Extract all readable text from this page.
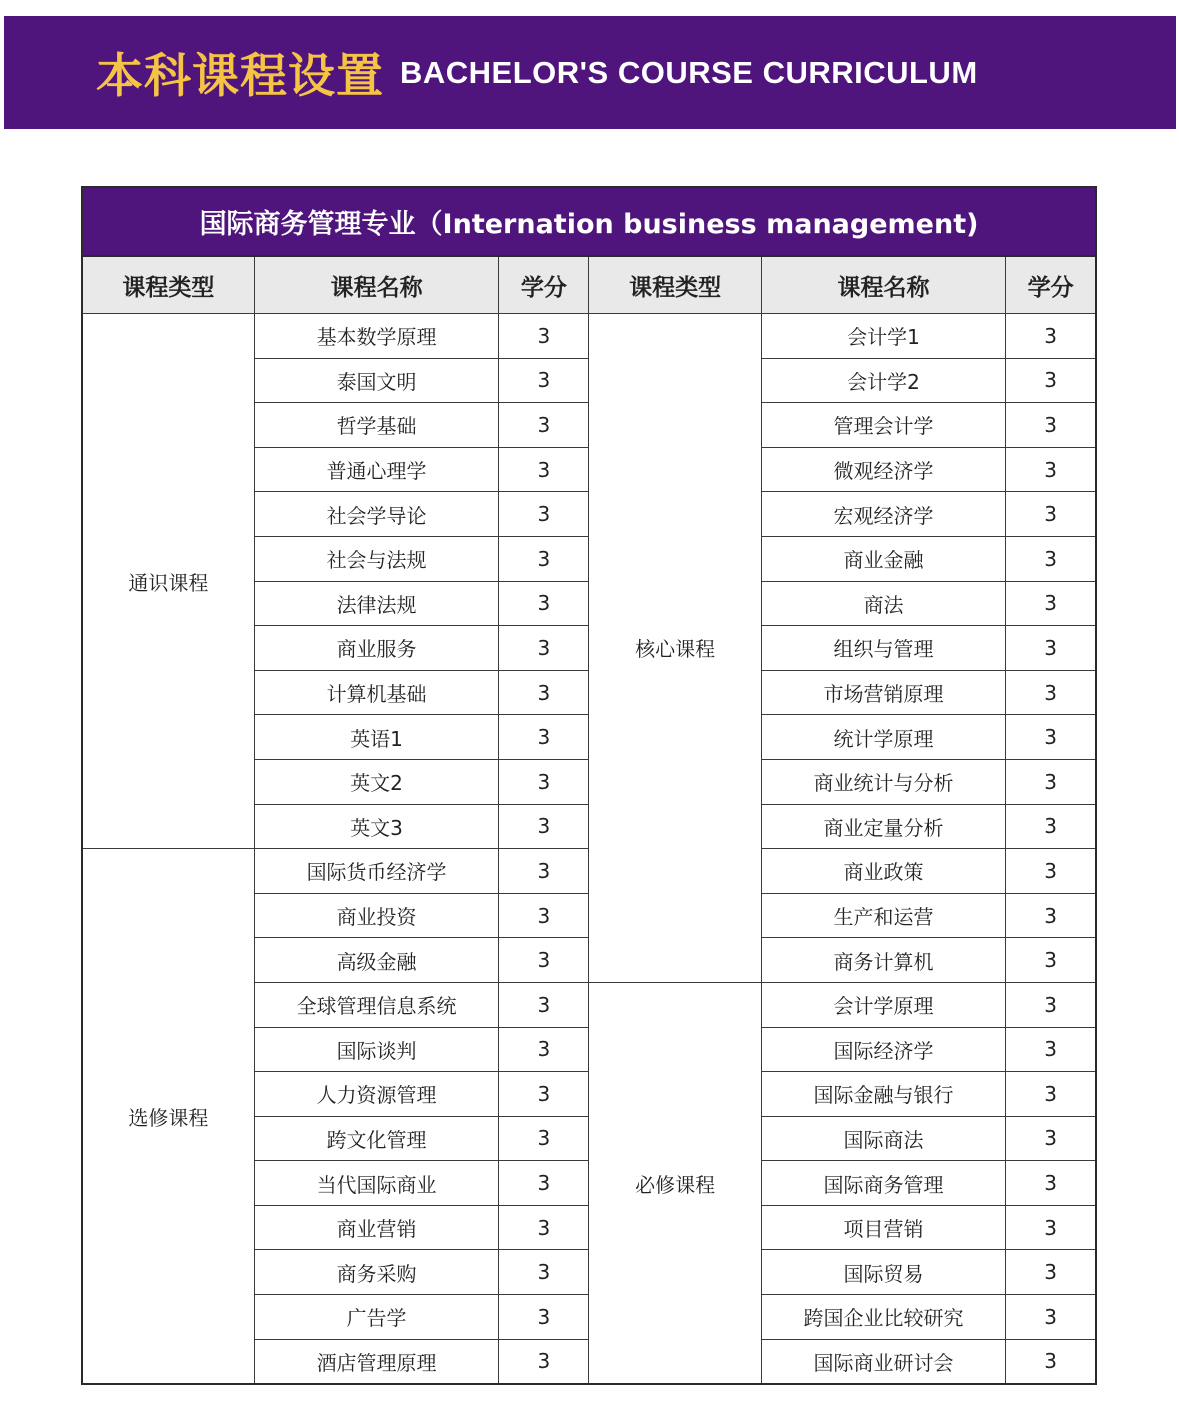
本科课程设置 BACHELOR'S COURSE CURRICULUM
国际商务管理专业（Internation business management)
课程类型	课程名称	学分	课程类型	课程名称	学分
通识课程	基本数学原理	3	核心课程	会计学1	3
	泰国文明	3		会计学2	3
	哲学基础	3		管理会计学	3
	普通心理学	3		微观经济学	3
	社会学导论	3		宏观经济学	3
	社会与法规	3		商业金融	3
	法律法规	3		商法	3
	商业服务	3		组织与管理	3
	计算机基础	3		市场营销原理	3
	英语1	3		统计学原理	3
	英文2	3		商业统计与分析	3
	英文3	3		商业定量分析	3
选修课程	国际货币经济学	3		商业政策	3
	商业投资	3		生产和运营	3
	高级金融	3		商务计算机	3
	全球管理信息系统	3	必修课程	会计学原理	3
	国际谈判	3		国际经济学	3
	人力资源管理	3		国际金融与银行	3
	跨文化管理	3		国际商法	3
	当代国际商业	3		国际商务管理	3
	商业营销	3		项目营销	3
	商务采购	3		国际贸易	3
	广告学	3		跨国企业比较研究	3
	酒店管理原理	3		国际商业研讨会	3
